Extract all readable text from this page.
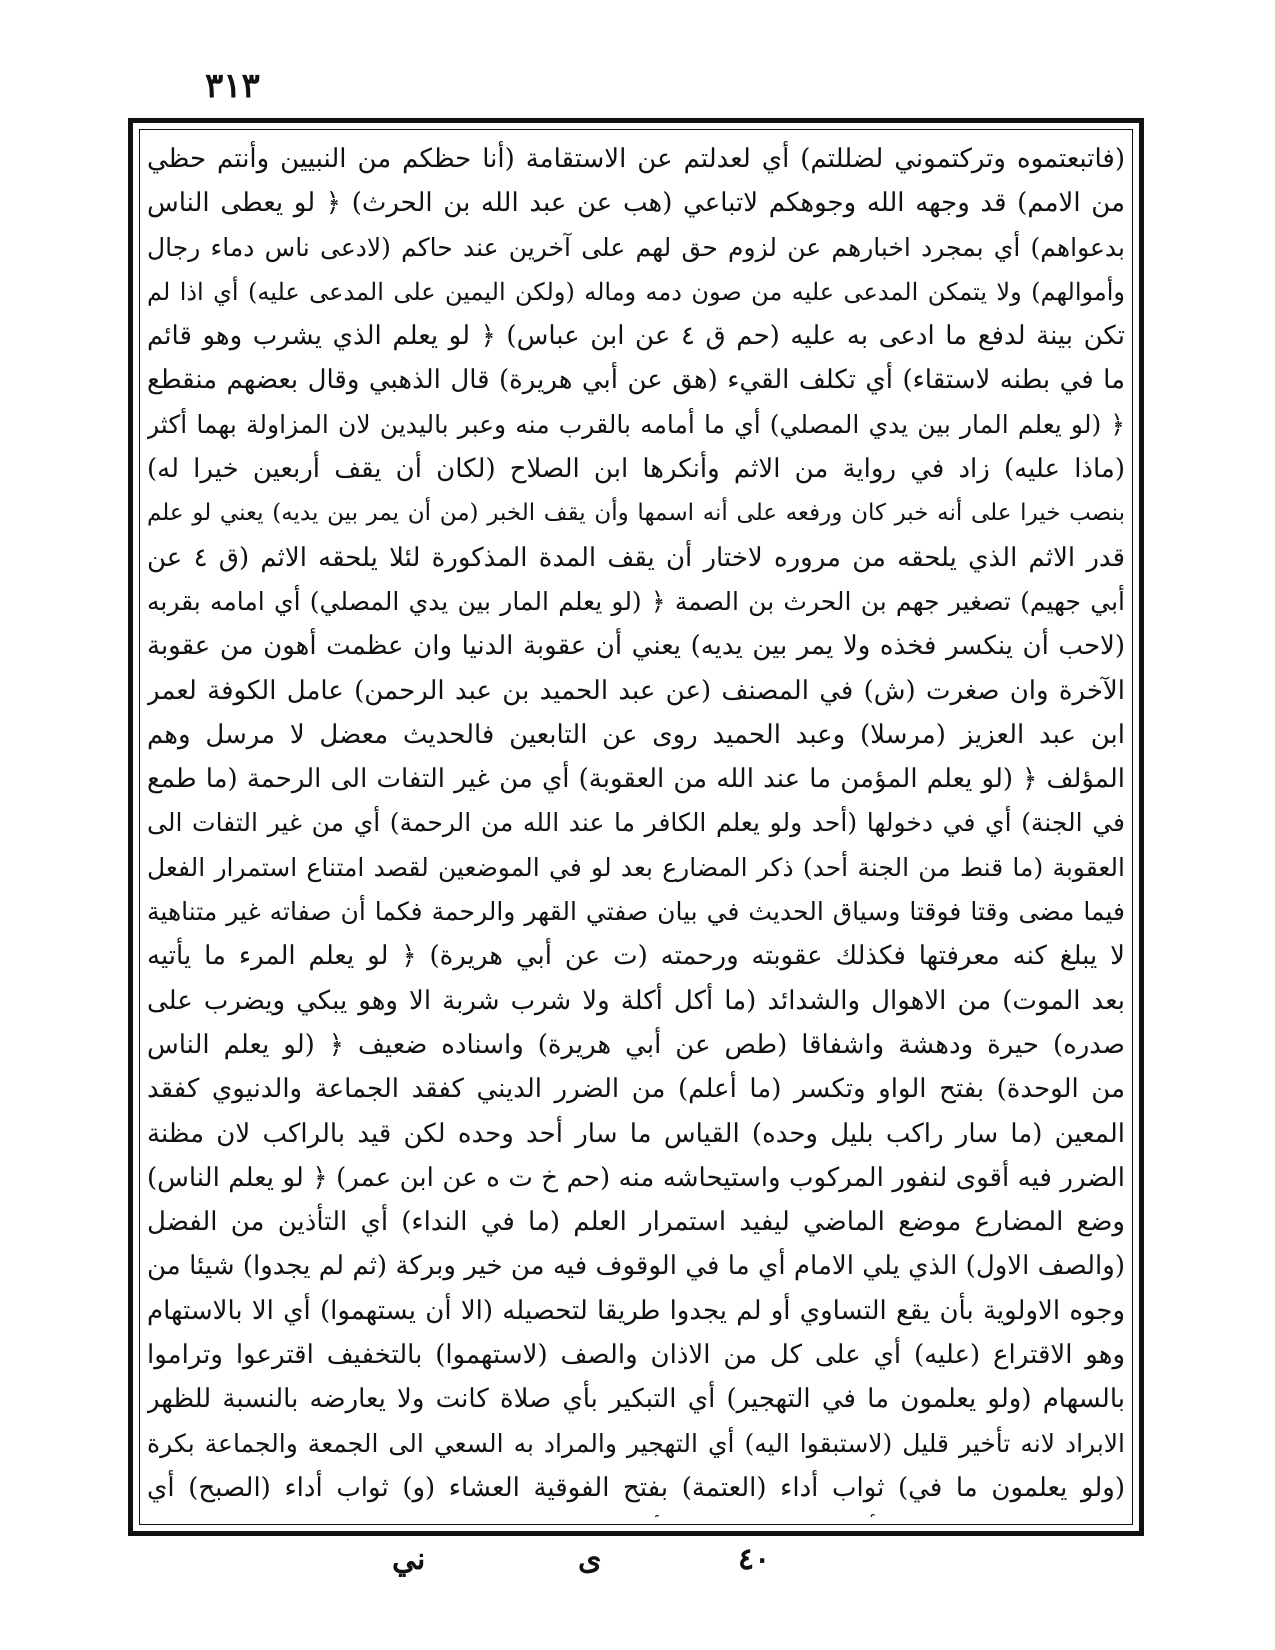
٣١٣
(فاتبعتموه وتركتموني لضللتم) أي لعدلتم عن الاستقامة (أنا حظكم من النبيين وأنتم حظي
من الامم) قد وجهه الله وجوهكم لاتباعي (هب عن عبد الله بن الحرث) ﴿ لو يعطى الناس
بدعواهم) أي بمجرد اخبارهم عن لزوم حق لهم على آخرين عند حاكم (لادعى ناس دماء رجال
وأموالهم) ولا يتمكن المدعى عليه من صون دمه وماله (ولكن اليمين على المدعى عليه) أي اذا لم
تكن بينة لدفع ما ادعى به عليه (حم ق ٤ عن ابن عباس) ﴿ لو يعلم الذي يشرب وهو قائم
ما في بطنه لاستقاء) أي تكلف القيء (هق عن أبي هريرة) قال الذهبي وقال بعضهم منقطع
﴿ (لو يعلم المار بين يدي المصلي) أي ما أمامه بالقرب منه وعبر باليدين لان المزاولة بهما أكثر
(ماذا عليه) زاد في رواية من الاثم وأنكرها ابن الصلاح (لكان أن يقف أربعين خيرا له)
بنصب خيرا على أنه خبر كان ورفعه على أنه اسمها وأن يقف الخبر (من أن يمر بين يديه) يعني لو علم
قدر الاثم الذي يلحقه من مروره لاختار أن يقف المدة المذكورة لئلا يلحقه الاثم (ق ٤ عن
أبي جهيم) تصغير جهم بن الحرث بن الصمة ﴿ (لو يعلم المار بين يدي المصلي) أي امامه بقربه
(لاحب أن ينكسر فخذه ولا يمر بين يديه) يعني أن عقوبة الدنيا وان عظمت أهون من عقوبة
الآخرة وان صغرت (ش) في المصنف (عن عبد الحميد بن عبد الرحمن) عامل الكوفة لعمر
ابن عبد العزيز (مرسلا) وعبد الحميد روى عن التابعين فالحديث معضل لا مرسل وهم
المؤلف ﴿ (لو يعلم المؤمن ما عند الله من العقوبة) أي من غير التفات الى الرحمة (ما طمع
في الجنة) أي في دخولها (أحد ولو يعلم الكافر ما عند الله من الرحمة) أي من غير التفات الى
العقوبة (ما قنط من الجنة أحد) ذكر المضارع بعد لو في الموضعين لقصد امتناع استمرار الفعل
فيما مضى وقتا فوقتا وسياق الحديث في بيان صفتي القهر والرحمة فكما أن صفاته غير متناهية
لا يبلغ كنه معرفتها فكذلك عقوبته ورحمته (ت عن أبي هريرة) ﴿ لو يعلم المرء ما يأتيه
بعد الموت) من الاهوال والشدائد (ما أكل أكلة ولا شرب شربة الا وهو يبكي ويضرب على
صدره) حيرة ودهشة واشفاقا (طص عن أبي هريرة) واسناده ضعيف ﴿ (لو يعلم الناس
من الوحدة) بفتح الواو وتكسر (ما أعلم) من الضرر الديني كفقد الجماعة والدنيوي كفقد
المعين (ما سار راكب بليل وحده) القياس ما سار أحد وحده لكن قيد بالراكب لان مظنة
الضرر فيه أقوى لنفور المركوب واستيحاشه منه (حم خ ت ه عن ابن عمر) ﴿ لو يعلم الناس)
وضع المضارع موضع الماضي ليفيد استمرار العلم (ما في النداء) أي التأذين من الفضل
(والصف الاول) الذي يلي الامام أي ما في الوقوف فيه من خير وبركة (ثم لم يجدوا) شيئا من
وجوه الاولوية بأن يقع التساوي أو لم يجدوا طريقا لتحصيله (الا أن يستهموا) أي الا بالاستهام
وهو الاقتراع (عليه) أي على كل من الاذان والصف (لاستهموا) بالتخفيف اقترعوا وتراموا
بالسهام (ولو يعلمون ما في التهجير) أي التبكير بأي صلاة كانت ولا يعارضه بالنسبة للظهر
الابراد لانه تأخير قليل (لاستبقوا اليه) أي التهجير والمراد به السعي الى الجمعة والجماعة بكرة
(ولو يعلمون ما في) ثواب أداء (العتمة) بفتح الفوقية العشاء (و) ثواب أداء (الصبح) أي
ني	ى	٤٠
